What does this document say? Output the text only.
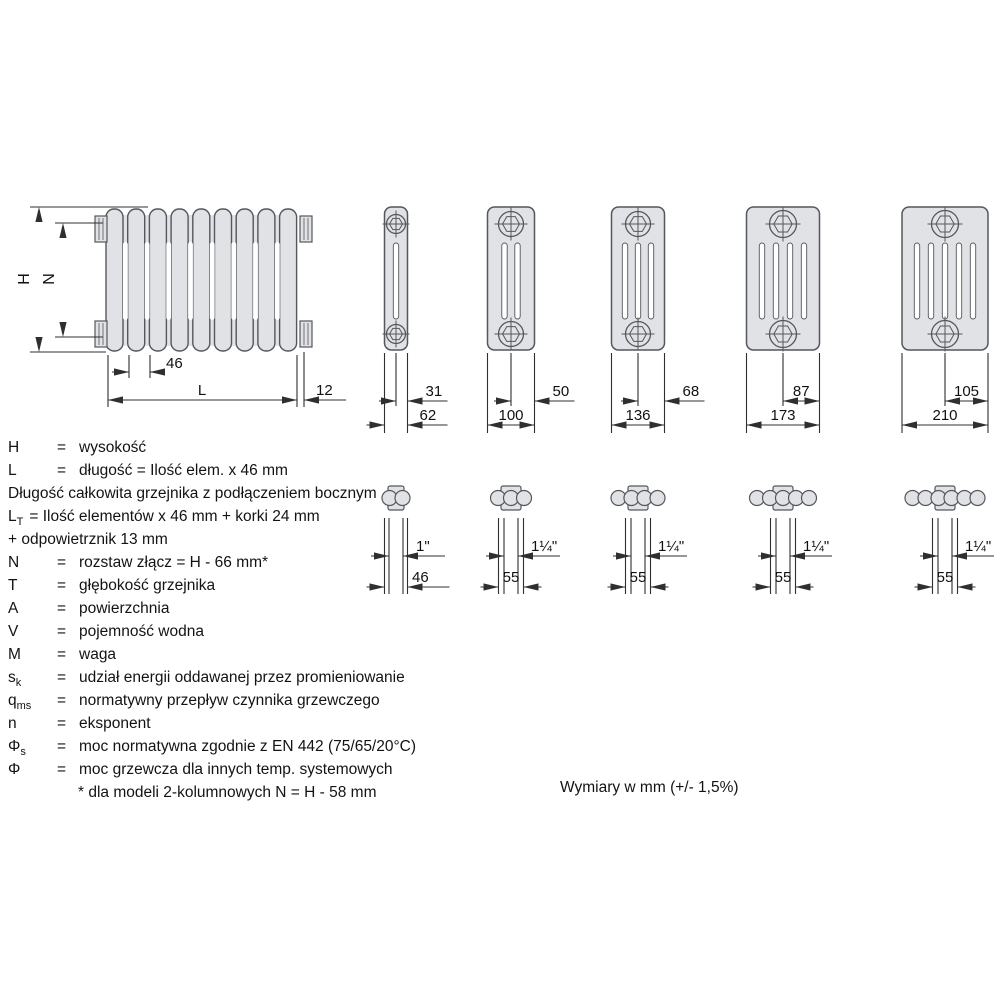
H N
46
L	12	31
62
50
100
68
136
87
173
105
210
1"
46
1¼"
55
1¼"
55
1¼"
55
1¼"
55
H = wysokość
L	= długość = Ilość elem. x 46 mm
Długość całkowita grzejnika z podłączeniem bocznym
$L_T$ = Ilość elementów x 46 mm + korki 24 mm
+ odpowietrznik 13 mm
N = rozstaw złącz = H - 66 mm*
T	= głębokość grzejnika
A = powierzchnia
V = pojemność wodna
M = waga
$s_k$ = udział energii oddawanej przez promieniowanie
$q_{ms}$ = normatywny przepływ czynnika grzewczego
n	= eksponent
$\Phi_s$ = moc normatywna zgodnie z EN 442 (75/65/20°C)
Φ = moc grzewcza dla innych temp. systemowych
* dla modeli 2-kolumnowych N = H - 58 mm	Wymiary w mm (+/- 1,5%)
